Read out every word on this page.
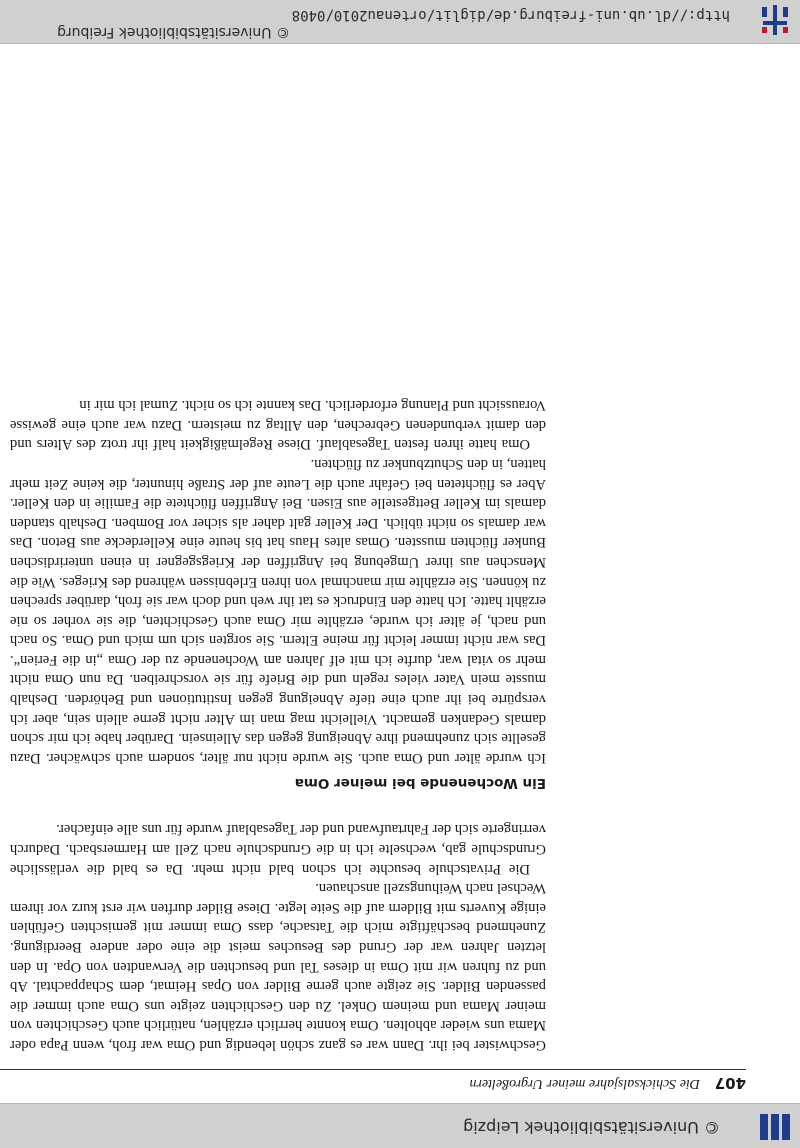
© Universitätsbibliothek Leipzig
407
Die Schicksalsjahre meiner Urgroßeltern

Geschwister bei ihr. Dann war es ganz schön lebendig und Oma war froh, wenn Papa oder Mama uns wieder abholten. Oma konnte herrlich erzählen, natürlich auch Geschichten von meiner Mama und meinem Onkel. Zu den Geschichten zeigte uns Oma auch immer die passenden Bilder. Sie zeigte auch gerne Bilder von Opas Heimat, dem Schappachtal. Ab und zu fuhren wir mit Oma in dieses Tal und besuchten die Verwandten von Opa. In den letzten Jahren war der Grund des Besuches meist die eine oder andere Beerdigung. Zunehmend beschäftigte mich die Tatsache, dass Oma immer mit gemischten Gefühlen einige Kuverts mit Bildern auf die Seite legte. Diese Bilder durften wir erst kurz vor ihrem Wechsel nach Weihungszell anschauen.

Die Privatschule besuchte ich schon bald nicht mehr. Da es bald die verlässliche Grundschule gab, wechselte ich in die Grundschule nach Zell am Harmersbach. Dadurch verringerte sich der Fahrtaufwand und der Tagesablauf wurde für uns alle einfacher.

Ein Wochenende bei meiner Oma

Ich wurde älter und Oma auch. Sie wurde nicht nur älter, sondern auch schwächer. Dazu gesellte sich zunehmend ihre Abneigung gegen das Alleinsein. Darüber habe ich mir schon damals Gedanken gemacht. Vielleicht mag man im Alter nicht gerne allein sein, aber ich verspürte bei ihr auch eine tiefe Abneigung gegen Institutionen und Behörden. Deshalb musste mein Vater vieles regeln und die Briefe für sie vorschreiben. Da nun Oma nicht mehr so vital war, durfte ich mit elf Jahren am Wochenende zu der Oma „in die Ferien“. Das war nicht immer leicht für meine Eltern. Sie sorgten sich um mich und Oma. So nach und nach, je älter ich wurde, erzählte mir Oma auch Geschichten, die sie vorher so nie erzählt hatte. Ich hatte den Eindruck es tat ihr weh und doch war sie froh, darüber sprechen zu können. Sie erzählte mir manchmal von ihren Erlebnissen während des Krieges. Wie die Menschen aus ihrer Umgebung bei Angriffen der Kriegsgegner in einen unterirdischen Bunker flüchten mussten. Omas altes Haus hat bis heute eine Kellerdecke aus Beton. Das war damals so nicht üblich. Der Keller galt daher als sicher vor Bomben. Deshalb standen damals im Keller Bettgestelle aus Eisen. Bei Angriffen flüchtete die Familie in den Keller. Aber es flüchteten bei Gefahr auch die Leute auf der Straße hinunter, die keine Zeit mehr hatten, in den Schutzbunker zu flüchten.

Oma hatte ihren festen Tagesablauf. Diese Regelmäßigkeit half ihr trotz des Alters und den damit verbundenen Gebrechen, den Alltag zu meistern. Dazu war auch eine gewisse Voraussicht und Planung erforderlich. Das kannte ich so nicht. Zumal ich mir in

© Universitätsbibliothek Freiburg
http://dl.ub.uni-freiburg.de/diglit/ortenau2010/0408
